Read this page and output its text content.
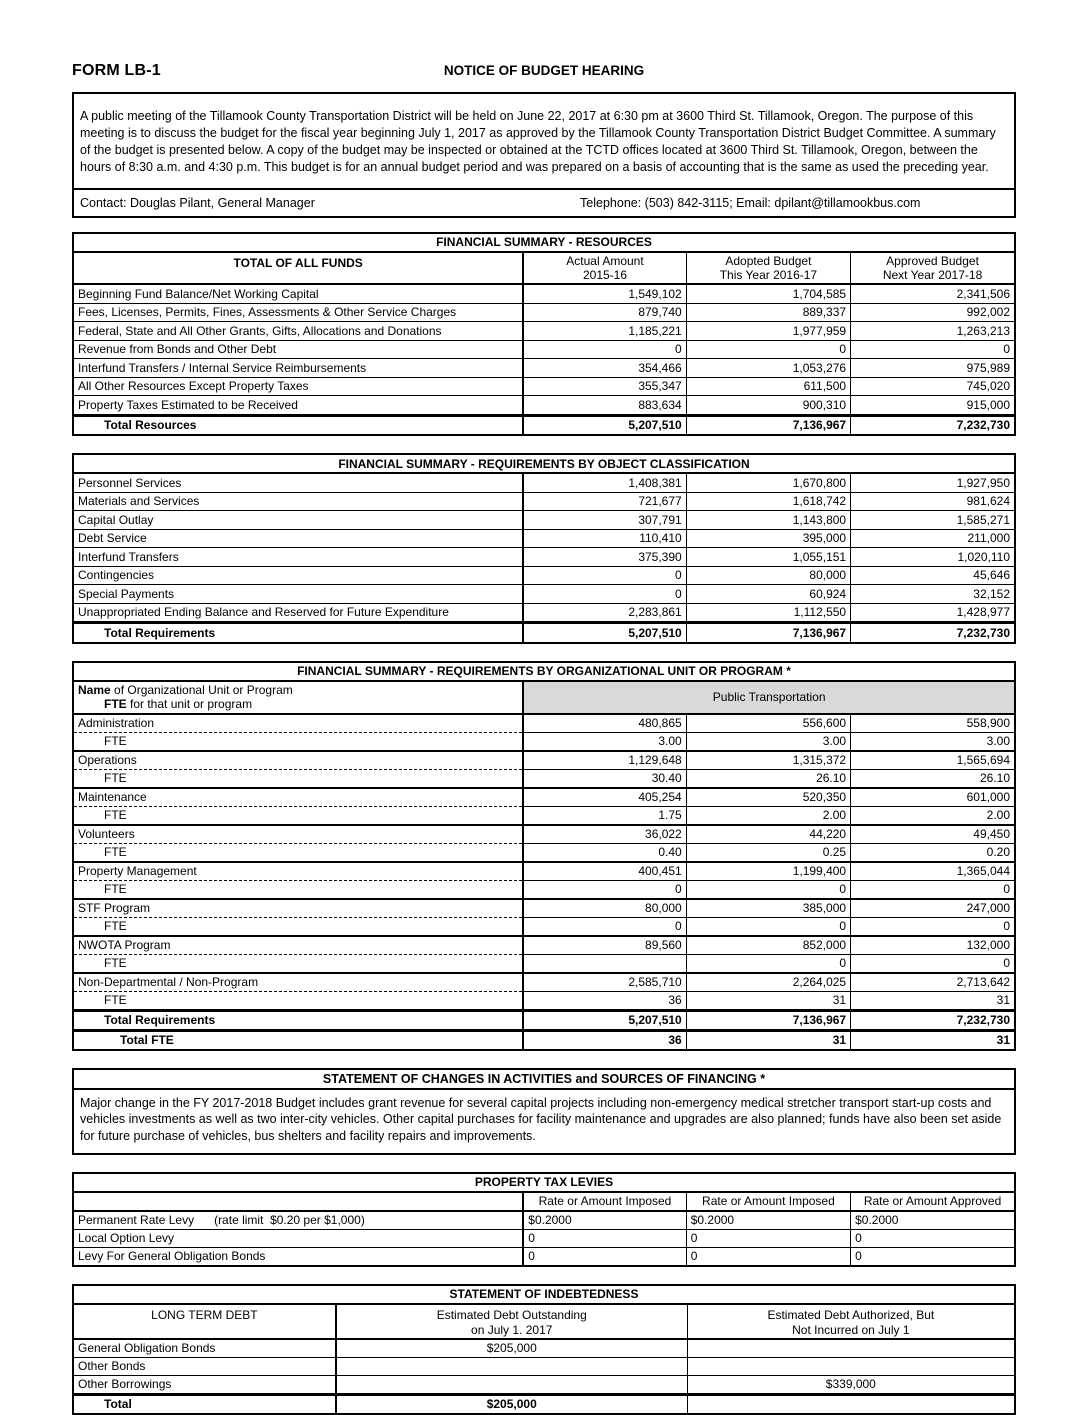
FORM LB-1	NOTICE OF BUDGET HEARING

A public meeting of the Tillamook County Transportation District will be held on June 22, 2017 at 6:30 pm at 3600 Third St. Tillamook, Oregon. The purpose of this meeting is to discuss the budget for the fiscal year beginning July 1, 2017 as approved by the Tillamook County Transportation District Budget Committee. A summary of the budget is presented below. A copy of the budget may be inspected or obtained at the TCTD offices located at 3600 Third St. Tillamook, Oregon, between the hours of 8:30 a.m. and 4:30 p.m. This budget is for an annual budget period and was prepared on a basis of accounting that is the same as used the preceding year.

Contact: Douglas Pilant, General Manager	Telephone: (503) 842-3115; Email: dpilant@tillamookbus.com
FINANCIAL SUMMARY - RESOURCES			
TOTAL OF ALL FUNDS	Actual Amount
2015-16

Adopted Budget
This Year 2016-17

Approved Budget
Next Year 2017-18

Beginning Fund Balance/Net Working Capital	1,549,102	1,704,585	2,341,506
Fees, Licenses, Permits, Fines, Assessments & Other Service Charges	879,740	889,337	992,002
Federal, State and All Other Grants, Gifts, Allocations and Donations	1,185,221	1,977,959	1,263,213
Revenue from Bonds and Other Debt	0	0	0
Interfund Transfers / Internal Service Reimbursements	354,466	1,053,276	975,989
All Other Resources Except Property Taxes	355,347	611,500	745,020
Property Taxes Estimated to be Received	883,634	900,310	915,000
Total Resources	5,207,510	7,136,967	7,232,730
FINANCIAL SUMMARY - REQUIREMENTS BY OBJECT CLASSIFICATION			
Personnel Services	1,408,381	1,670,800	1,927,950
Materials and Services	721,677	1,618,742	981,624
Capital Outlay	307,791	1,143,800	1,585,271
Debt Service	110,410	395,000	211,000
Interfund Transfers	375,390	1,055,151	1,020,110
Contingencies	0	80,000	45,646
Special Payments	0	60,924	32,152
Unappropriated Ending Balance and Reserved for Future Expenditure	2,283,861	1,112,550	1,428,977
Total Requirements	5,207,510	7,136,967	7,232,730
FINANCIAL SUMMARY - REQUIREMENTS BY ORGANIZATIONAL UNIT OR PROGRAM *			

Name of Organizational Unit or Program
FTE for that unit or program	Public Transportation		
Administration	480,865	556,600	558,900
FTE	3.00	3.00	3.00
Operations	1,129,648	1,315,372	1,565,694
FTE	30.40	26.10	26.10
Maintenance	405,254	520,350	601,000
FTE	1.75	2.00	2.00
Volunteers	36,022	44,220	49,450
FTE	0.40	0.25	0.20
Property Management	400,451	1,199,400	1,365,044
FTE	0	0	0
STF Program	80,000	385,000	247,000
FTE	0	0	0
NWOTA Program	89,560	852,000	132,000
FTE		0	0
Non-Departmental / Non-Program	2,585,710	2,264,025	2,713,642
FTE	36	31	31
Total Requirements	5,207,510	7,136,967	7,232,730
Total FTE	36	31	31
STATEMENT OF CHANGES IN ACTIVITIES and SOURCES OF FINANCING *
Major change in the FY 2017-2018 Budget includes grant revenue for several capital projects including non-emergency medical stretcher transport start-up costs and vehicles investments as well as two inter-city vehicles. Other capital purchases for facility maintenance and upgrades are also planned; funds have also been set aside for future purchase of vehicles, bus shelters and facility repairs and improvements.
PROPERTY TAX LEVIES			
	Rate or Amount Imposed	Rate or Amount Imposed	Rate or Amount Approved
Permanent Rate Levy      (rate limit  $0.20 per $1,000)	$0.2000	$0.2000	$0.2000
Local Option Levy	0	0	0
Levy For General Obligation Bonds	0	0	0
STATEMENT OF INDEBTEDNESS		
LONG TERM DEBT	Estimated Debt Outstanding
on July 1. 2017

Estimated Debt Authorized, But
Not Incurred on July 1

General Obligation Bonds	$205,000	
Other Bonds		
Other Borrowings		$339,000
Total	$205,000	
